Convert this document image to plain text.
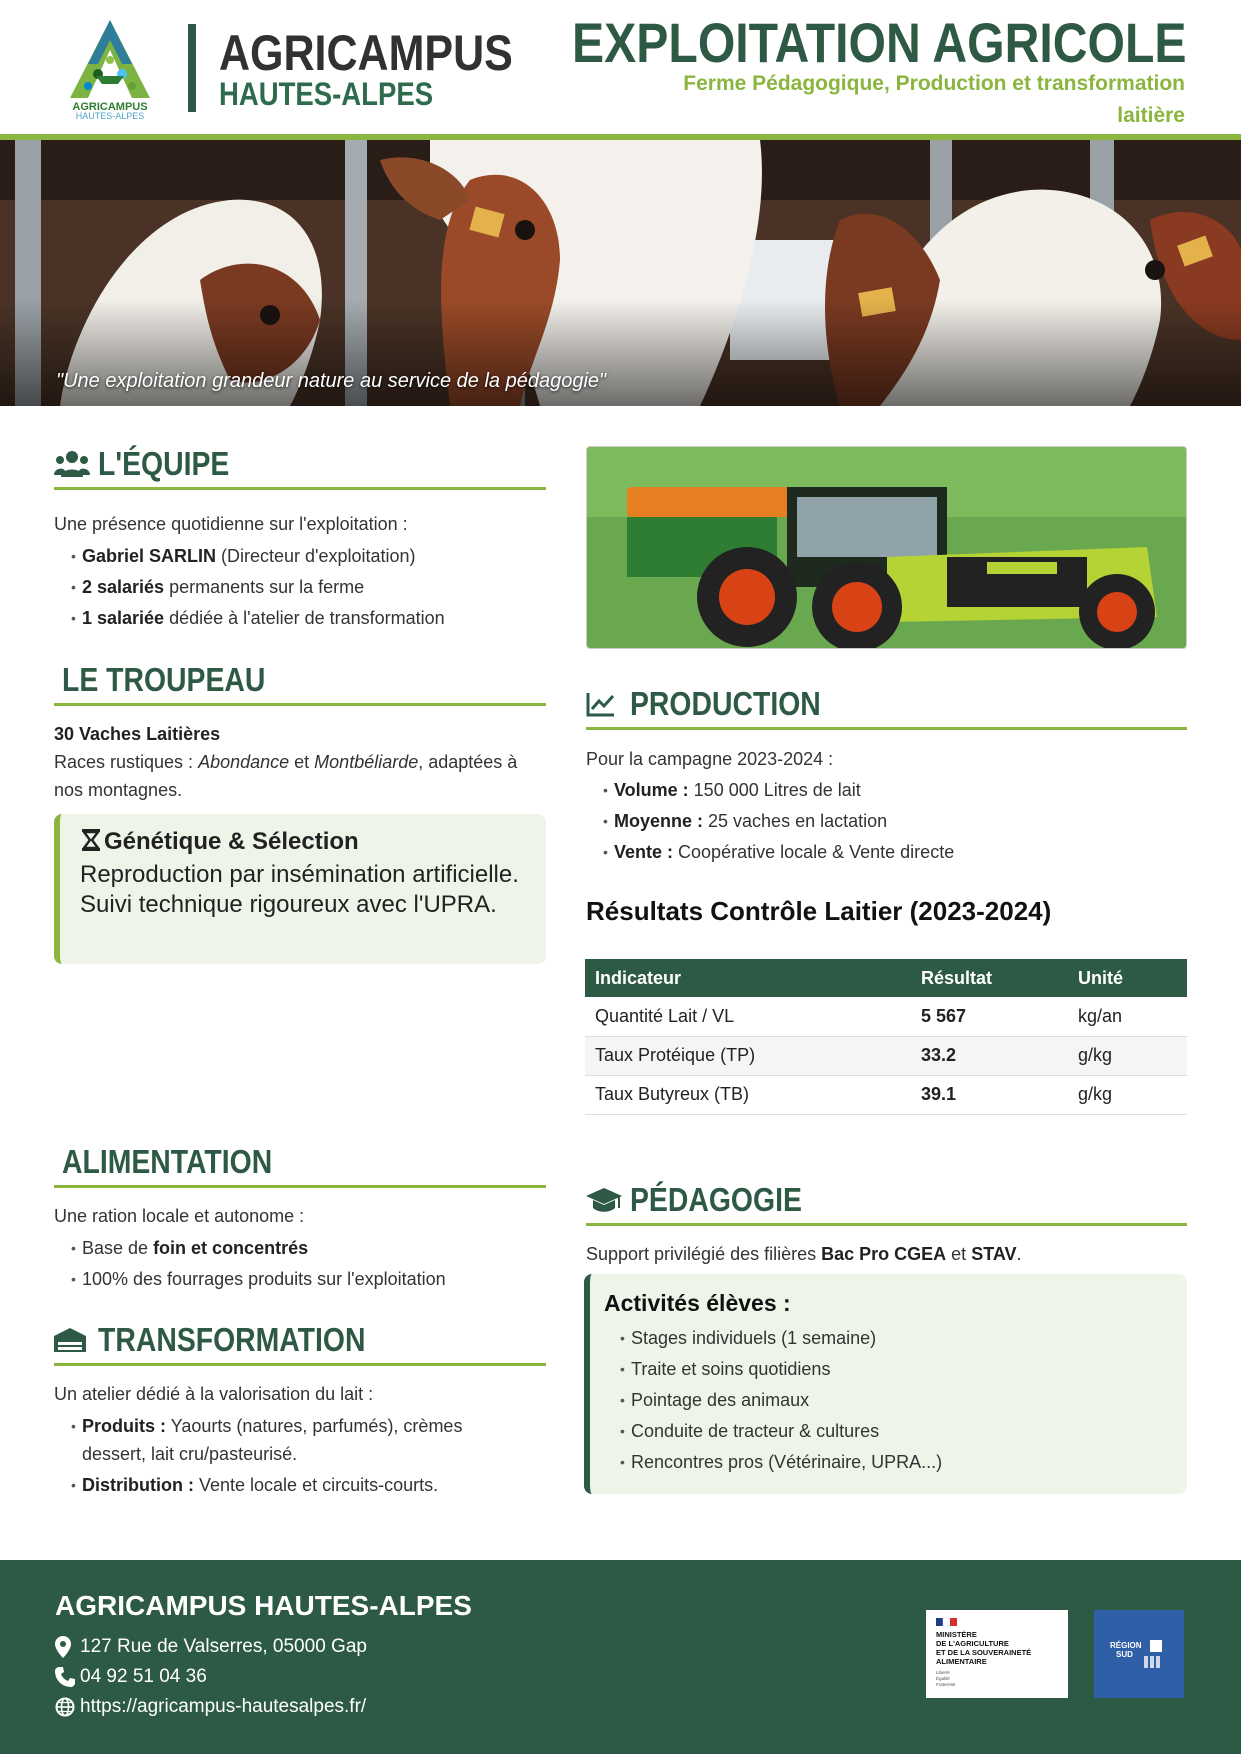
AGRICAMPUS
HAUTES-ALPES
AGRICAMPUS
HAUTES-ALPES
EXPLOITATION AGRICOLE
Ferme Pédagogique, Production et transformation laitière
"Une exploitation grandeur nature au service de la pédagogie"
L'ÉQUIPE
Une présence quotidienne sur l'exploitation :
• Gabriel SARLIN (Directeur d'exploitation)
• 2 salariés permanents sur la ferme
• 1 salariée dédiée à l'atelier de transformation
LE TROUPEAU
30 Vaches Laitières
Races rustiques : Abondance et Montbéliarde, adaptées à nos montagnes.
ALIMENTATION
Une ration locale et autonome :
• Base de foin et concentrés
• 100% des fourrages produits sur l'exploitation
TRANSFORMATION
Un atelier dédié à la valorisation du lait :
• Produits : Yaourts (natures, parfumés), crèmes
dessert, lait cru/pasteurisé.
• Distribution : Vente locale et circuits-courts.
Génétique & Sélection
Reproduction par insémination artificielle. Suivi technique rigoureux avec l'UPRA.
PRODUCTION
Pour la campagne 2023-2024 :
• Volume : 150 000 Litres de lait
• Moyenne : 25 vaches en lactation
• Vente : Coopérative locale & Vente directe
Résultats Contrôle Laitier (2023-2024)
PÉDAGOGIE
Support privilégié des filières Bac Pro CGEA et STAV.
Indicateur	Résultat	Unité
Quantité Lait / VL	5 567	kg/an
Taux Protéique (TP)	33.2	g/kg
Taux Butyreux (TB)	39.1	g/kg
Activités élèves :
• Stages individuels (1 semaine)
• Traite et soins quotidiens
• Pointage des animaux
• Conduite de tracteur & cultures
• Rencontres pros (Vétérinaire, UPRA...)
AGRICAMPUS HAUTES-ALPES
127 Rue de Valserres, 05000 Gap
04 92 51 04 36
https://agricampus-hautesalpes.fr/
MINISTÈRE
DE L'AGRICULTURE
ET DE LA SOUVERAINETÉ
ALIMENTAIRE
Liberté
Égalité
Fraternité
RÉGION
SUD
